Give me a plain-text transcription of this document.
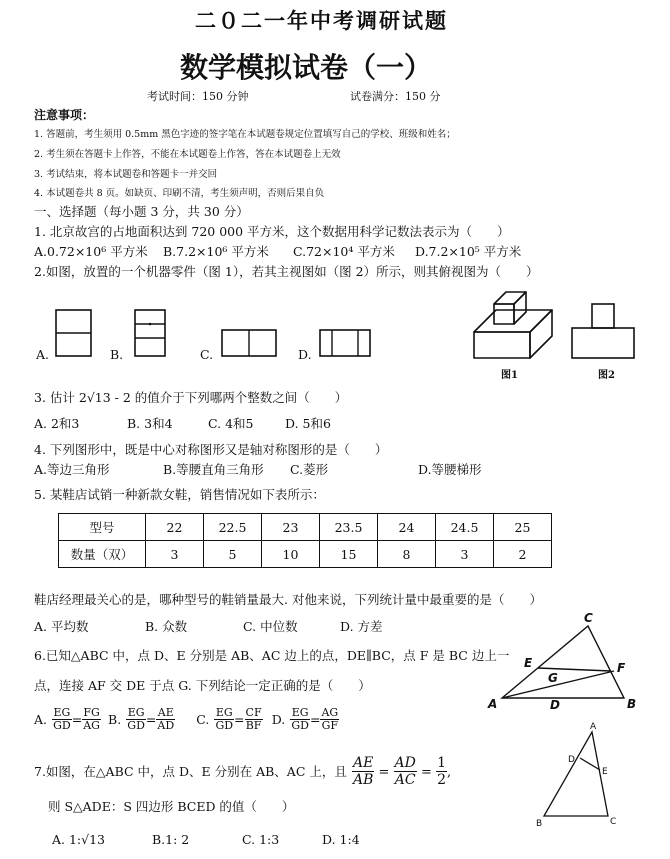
二０二一年中考调研试题
数学模拟试卷（一）
考试时间：150 分钟	试卷满分：150 分
注意事项：
1. 答题前，考生须用 0.5mm 黑色字迹的签字笔在本试题卷规定位置填写自己的学校、班级和姓名；
2. 考生须在答题卡上作答，不能在本试题卷上作答，答在本试题卷上无效
3. 考试结束，将本试题卷和答题卡一并交回
4. 本试题卷共 8 页。如缺页、印刷不清，考生须声明，否则后果自负
一、选择题（每小题 3 分，共 30 分）
1. 北京故宫的占地面积达到 720 000 平方米，这个数据用科学记数法表示为（　　）
A.0.72×10⁶ 平方米 B.7.2×10⁶ 平方米 C.72×10⁴ 平方米 D.7.2×10⁵ 平方米
2.如图，放置的一个机器零件（图 1），若其主视图如（图 2）所示，则其俯视图为（　　）
A.	B.	C.	D.
图1	图2
3. 估计 2√13 - 2 的值介于下列哪两个整数之间（　　）
A. 2和3	B. 3和4	C. 4和5	D. 5和6
4. 下列图形中，既是中心对称图形又是轴对称图形的是（　　）
A.等边三角形	B.等腰直角三角形 C.菱形	D.等腰梯形
5. 某鞋店试销一种新款女鞋，销售情况如下表所示：
型号	22	22.5	23	23.5	24	24.5	25
数量（双）	3	5	10	15	8	3	2
鞋店经理最关心的是，哪种型号的鞋销量最大. 对他来说，下列统计量中最重要的是（　　）
A. 平均数	B. 众数	C. 中位数	D. 方差
6.已知△ABC 中，点 D、E 分别是 AB、AC 边上的点，DE∥BC，点 F 是 BC 边上一
点，连接 AF 交 DE 于点 G. 下列结论一定正确的是（　　）
A. $\frac{EG}{GD} = \frac{FG}{AG} B$. $\frac{EG}{GD} = \frac{AE}{AD} C$. $\frac{EG}{GD} = \frac{CF}{BF} D$. $\frac{EG}{GD} = \frac{AG}{GF}$
A	B
C
D
E	F
G
7.如图，在△ABC 中，点 D、E 分别在 AB、AC 上，且 $\frac{AE}{AB} = \frac{AD}{AC} = \frac{1}{2}$ ,
则 S△ADE：S 四边形 BCED 的值（　　）
A. 1:√13	B.1: 2	C. 1:3	D. 1:4
A
B	C
D
E
